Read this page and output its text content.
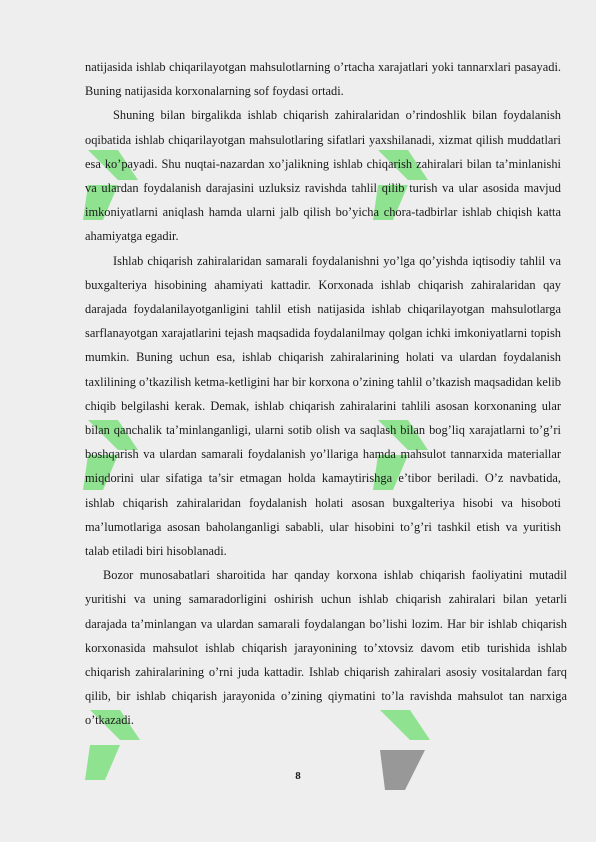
natijasida ishlab chiqarilayotgan mahsulotlarning o’rtacha xarajatlari yoki tannarxlari pasayadi. Buning natijasida korxonalarning sof foydasi ortadi.

Shuning bilan birgalikda ishlab chiqarish zahiralaridan o’rindoshlik bilan foydalanish oqibatida ishlab chiqarilayotgan mahsulotlaring sifatlari yaxshilanadi, xizmat qilish muddatlari esa ko’payadi. Shu nuqtai-nazardan xo’jalikning ishlab chiqarish zahiralari bilan ta’minlanishi va ulardan foydalanish darajasini uzluksiz ravishda tahlil qilib turish va ular asosida mavjud imkoniyatlarni aniqlash hamda ularni jalb qilish bo’yicha chora-tadbirlar ishlab chiqish katta ahamiyatga egadir.

Ishlab chiqarish zahiralaridan samarali foydalanishni yo’lga qo’yishda iqtisodiy tahlil va buxgalteriya hisobining ahamiyati kattadir. Korxonada ishlab chiqarish zahiralaridan qay darajada foydalanilayotganligini tahlil etish natijasida ishlab chiqarilayotgan mahsulotlarga sarflanayotgan xarajatlarini tejash maqsadida foydalanilmay qolgan ichki imkoniyatlarni topish mumkin. Buning uchun esa, ishlab chiqarish zahiralarining holati va ulardan foydalanish taxlilining o’tkazilish ketma-ketligini har bir korxona o’zining tahlil o’tkazish maqsadidan kelib chiqib belgilashi kerak. Demak, ishlab chiqarish zahiralarini tahlili asosan korxonaning ular bilan qanchalik ta’minlanganligi, ularni sotib olish va saqlash bilan bog’liq xarajatlarni to’g’ri boshqarish va ulardan samarali foydalanish yo’llariga hamda mahsulot tannarxida materiallar miqdorini ular sifatiga ta’sir etmagan holda kamaytirishga e’tibor beriladi. O’z navbatida, ishlab chiqarish zahiralaridan foydalanish holati asosan buxgalteriya hisobi va hisoboti ma’lumotlariga asosan baholanganligi sababli, ular hisobini to’g’ri tashkil etish va yuritish talab etiladi biri hisoblanadi.

Bozor munosabatlari sharoitida har qanday korxona ishlab chiqarish faoliyatini mutadil yuritishi va uning samaradorligini oshirish uchun ishlab chiqarish zahiralari bilan yetarli darajada ta’minlangan va ulardan samarali foydalangan bo’lishi lozim. Har bir ishlab chiqarish korxonasida mahsulot ishlab chiqarish jarayonining to’xtovsiz davom etib turishida ishlab chiqarish zahiralarining o’rni juda kattadir. Ishlab chiqarish zahiralari asosiy vositalardan farq qilib, bir ishlab chiqarish jarayonida o’zining qiymatini to’la ravishda mahsulot tan narxiga o’tkazadi.

8
